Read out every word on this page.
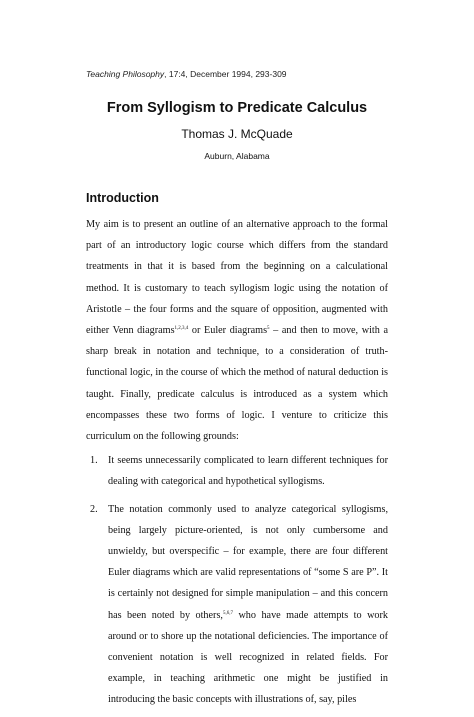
Teaching Philosophy, 17:4, December 1994, 293-309
From Syllogism to Predicate Calculus
Thomas J. McQuade
Auburn, Alabama
Introduction

My aim is to present an outline of an alternative approach to the formal part of an introductory logic course which differs from the standard treatments in that it is based from the beginning on a calculational method. It is customary to teach syllogism logic using the notation of Aristotle – the four forms and the square of opposition, augmented with either Venn diagrams$^{1,2,3,4}$ or Euler diagrams$^5$ – and then to move, with a sharp break in notation and technique, to a consideration of truth-functional logic, in the course of which the method of natural deduction is taught. Finally, predicate calculus is introduced as a system which encompasses these two forms of logic. I venture to criticize this curriculum on the following grounds:

1. It seems unnecessarily complicated to learn different techniques for dealing with categorical and hypothetical syllogisms.
2. The notation commonly used to analyze categorical syllogisms, being largely picture-oriented, is not only cumbersome and unwieldy, but overspecific – for example, there are four different Euler diagrams which are valid representations of “some S are P”. It is certainly not designed for simple manipulation – and this concern has been noted by others,$^{5,6,7}$ who have made attempts to work around or to shore up the notational deficiencies. The importance of convenient notation is well recognized in related fields. For example, in teaching arithmetic one might be justified in introducing the basic concepts with illustrations of, say, piles
